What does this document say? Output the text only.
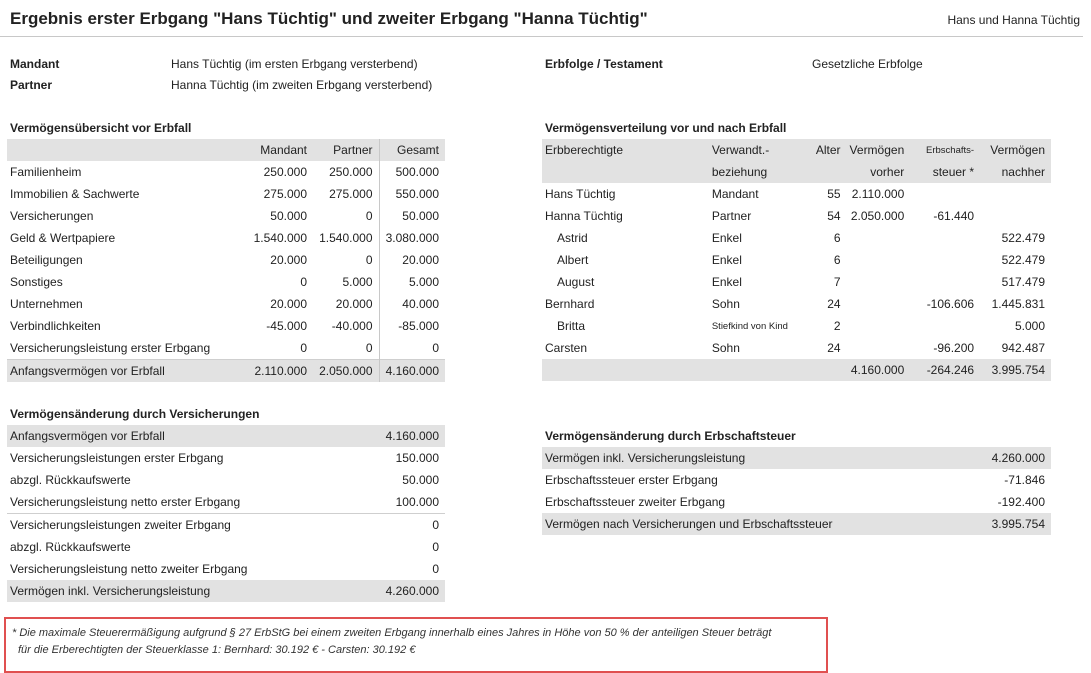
Ergebnis erster Erbgang "Hans Tüchtig" und zweiter Erbgang "Hanna Tüchtig"	Hans und Hanna Tüchtig
Mandant	Hans Tüchtig (im ersten Erbgang versterbend)
Partner	Hanna Tüchtig (im zweiten Erbgang versterbend)
Erbfolge / Testament	Gesetzliche Erbfolge
Vermögensübersicht vor Erbfall
	Mandant	Partner	Gesamt
Familienheim	250.000	250.000	500.000
Immobilien & Sachwerte	275.000	275.000	550.000
Versicherungen	50.000	0	50.000
Geld & Wertpapiere	1.540.000	1.540.000	3.080.000
Beteiligungen	20.000	0	20.000
Sonstiges	0	5.000	5.000
Unternehmen	20.000	20.000	40.000
Verbindlichkeiten	-45.000	-40.000	-85.000
Versicherungsleistung erster Erbgang	0	0	0
Anfangsvermögen vor Erbfall	2.110.000	2.050.000	4.160.000
Vermögensverteilung vor und nach Erbfall
Erbberechtigte	Verwandt.-	Alter	Vermögen	Erbschafts-	Vermögen
	beziehung		vorher	steuer *	nachher
Hans Tüchtig	Mandant	55	2.110.000		
Hanna Tüchtig	Partner	54	2.050.000	-61.440	
Astrid	Enkel	6			522.479
Albert	Enkel	6			522.479
August	Enkel	7			517.479
Bernhard	Sohn	24		-106.606	1.445.831
Britta	Stiefkind von Kind	2			5.000
Carsten	Sohn	24		-96.200	942.487
			4.160.000	-264.246	3.995.754
Vermögensänderung durch Versicherungen
Anfangsvermögen vor Erbfall	4.160.000
Versicherungsleistungen erster Erbgang	150.000
abzgl. Rückkaufswerte	50.000
Versicherungsleistung netto erster Erbgang	100.000
Versicherungsleistungen zweiter Erbgang	0
abzgl. Rückkaufswerte	0
Versicherungsleistung netto zweiter Erbgang	0
Vermögen inkl. Versicherungsleistung	4.260.000
Vermögensänderung durch Erbschaftsteuer
Vermögen inkl. Versicherungsleistung	4.260.000
Erbschaftssteuer erster Erbgang	-71.846
Erbschaftssteuer zweiter Erbgang	-192.400
Vermögen nach Versicherungen und Erbschaftssteuer	3.995.754
* Die maximale Steuerermäßigung aufgrund § 27 ErbStG bei einem zweiten Erbgang innerhalb eines Jahres in Höhe von 50 % der anteiligen Steuer beträgt
für die Erberechtigten der Steuerklasse 1: Bernhard: 30.192 € - Carsten: 30.192 €
